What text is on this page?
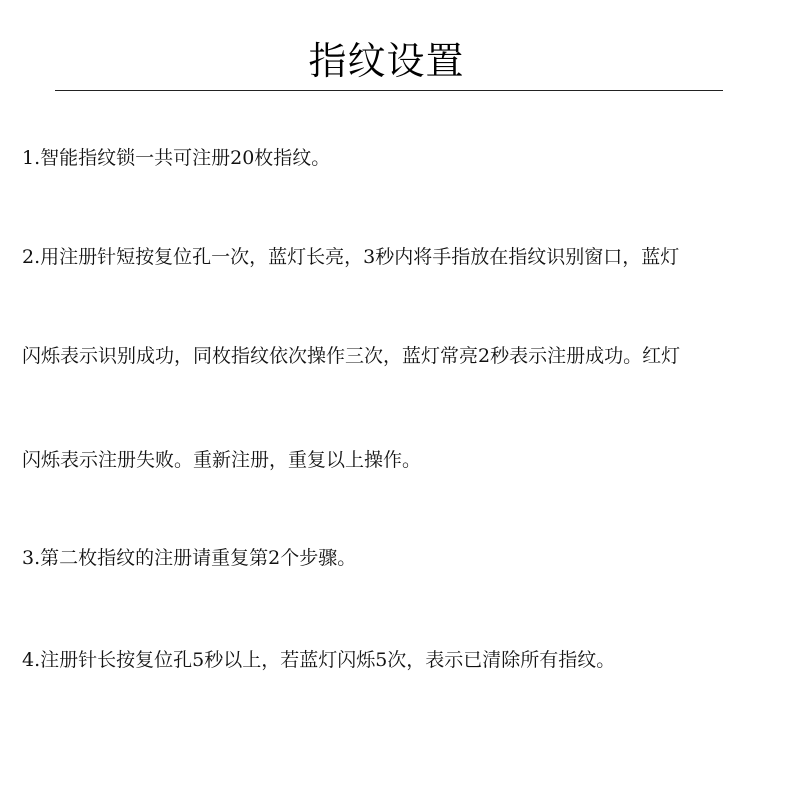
指纹设置
1.智能指纹锁一共可注册20枚指纹。
2.用注册针短按复位孔一次，蓝灯长亮，3秒内将手指放在指纹识别窗口，蓝灯
闪烁表示识别成功，同枚指纹依次操作三次，蓝灯常亮2秒表示注册成功。红灯
闪烁表示注册失败。重新注册，重复以上操作。
3.第二枚指纹的注册请重复第2个步骤。
4.注册针长按复位孔5秒以上，若蓝灯闪烁5次，表示已清除所有指纹。
